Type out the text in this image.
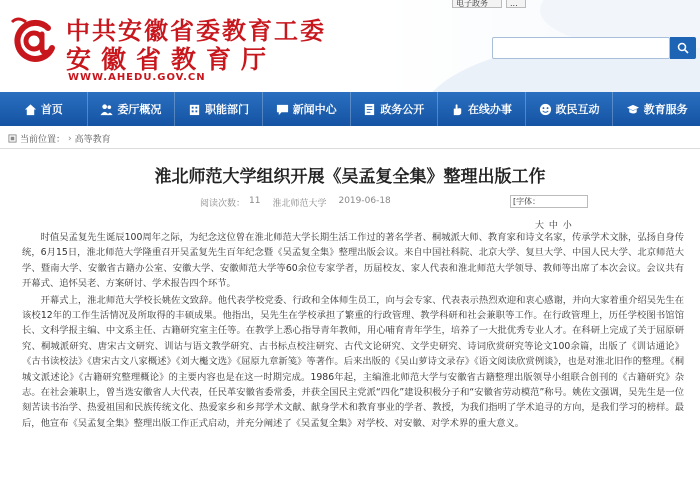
中共安徽省委教育工委
安徽省教育厅
WWW.AHEDU.GOV.CN
电子政务	...
首页	委厅概况	职能部门	新闻中心	政务公开	在线办事	政民互动	教育服务
当前位置： › 高等教育
淮北师范大学组织开展《吴孟复全集》整理出版工作
阅读次数： 11 淮北师范大学 2019-06-18	[字体：
大 中 小

时值吴孟复先生诞辰100周年之际，为纪念这位曾在淮北师范大学长期生活工作过的著名学者、桐城派大师、教育家和诗文名家，传承学术文脉，弘扬自身传统，6月15日，淮北师范大学隆重召开吴孟复先生百年纪念暨《吴孟复全集》整理出版会议。来自中国社科院、北京大学、复旦大学、中国人民大学、北京师范大学、暨南大学、安徽省古籍办公室、安徽大学、安徽师范大学等60余位专家学者，历届校友、家人代表和淮北师范大学领导、教师等出席了本次会议。会议共有开幕式、追怀吴老、方案研讨、学术报告四个环节。

开幕式上，淮北师范大学校长姚佐文致辞。他代表学校党委、行政和全体师生员工，向与会专家、代表表示热烈欢迎和衷心感谢，并向大家着重介绍吴先生在该校12年的工作生活情况及所取得的丰硕成果。他指出，吴先生在学校承担了繁重的行政管理、教学科研和社会兼职等工作。在行政管理上，历任学校图书馆馆长、文科学报主编、中文系主任、古籍研究室主任等。在教学上悉心指导青年教师，用心哺育青年学生，培养了一大批优秀专业人才。在科研上完成了关于屈原研究、桐城派研究、唐宋古文研究、训诂与语文教学研究、古书标点校注研究、古代文论研究、文学史研究、诗词欣赏研究等论文100余篇，出版了《训诂通论》《古书读校法》《唐宋古文八家概述》《刘大櫆文选》《屈原九章新笺》等著作。后来出版的《吴山萝诗文录存》《语文阅读欣赏例谈》，也是对淮北旧作的整理。《桐城文派述论》《古籍研究整理概论》的主要内容也是在这一时期完成。1986年起，主编淮北师范大学与安徽省古籍整理出版领导小组联合创刊的《古籍研究》杂志。在社会兼职上，曾当选安徽省人大代表，任民革安徽省委常委，并获全国民主党派“四化”建设积极分子和“安徽省劳动模范”称号。姚佐文强调，吴先生是一位刻苦读书治学、热爱祖国和民族传统文化、热爱家乡和乡邦学术文献、献身学术和教育事业的学者、教授，为我们指明了学术追寻的方向，是我们学习的榜样。最后，他宣布《吴孟复全集》整理出版工作正式启动，并充分阐述了《吴孟复全集》对学校、对安徽、对学术界的重大意义。
